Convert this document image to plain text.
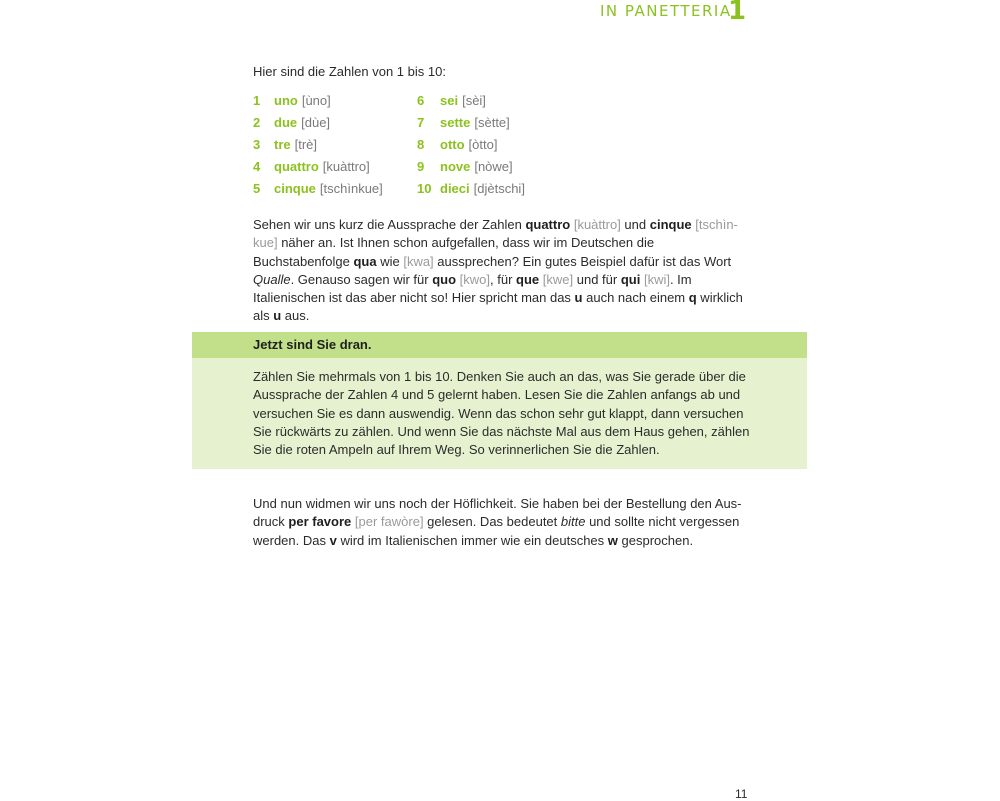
IN PANETTERIA
1
Hier sind die Zahlen von 1 bis 10:
1	uno [ùno]	6	sei [sèi]
2	due [dùe]	7	sette [sètte]
3	tre [trè]	8	otto [òtto]
4	quattro [kuàttro]	9	nove [nòwe]
5	cinque [tschìnkue]	10 dieci [djètschi]
Sehen wir uns kurz die Aussprache der Zahlen quattro [kuàttro] und cinque [tschìn-kue] näher an. Ist Ihnen schon aufgefallen, dass wir im Deutschen die Buchstabenfolge qua wie [kwa] aussprechen? Ein gutes Beispiel dafür ist das Wort Qualle. Genauso sagen wir für quo [kwo], für que [kwe] und für qui [kwi]. Im Italienischen ist das aber nicht so! Hier spricht man das u auch nach einem q wirklich als u aus.
Jetzt sind Sie dran.

Zählen Sie mehrmals von 1 bis 10. Denken Sie auch an das, was Sie gerade über die Aussprache der Zahlen 4 und 5 gelernt haben. Lesen Sie die Zahlen anfangs ab und versuchen Sie es dann auswendig. Wenn das schon sehr gut klappt, dann versuchen Sie rückwärts zu zählen. Und wenn Sie das nächste Mal aus dem Haus gehen, zählen Sie die roten Ampeln auf Ihrem Weg. So verinnerlichen Sie die Zahlen.

Und nun widmen wir uns noch der Höflichkeit. Sie haben bei der Bestellung den Aus-druck per favore [per fawòre] gelesen. Das bedeutet bitte und sollte nicht vergessen werden. Das v wird im Italienischen immer wie ein deutsches w gesprochen.
11
